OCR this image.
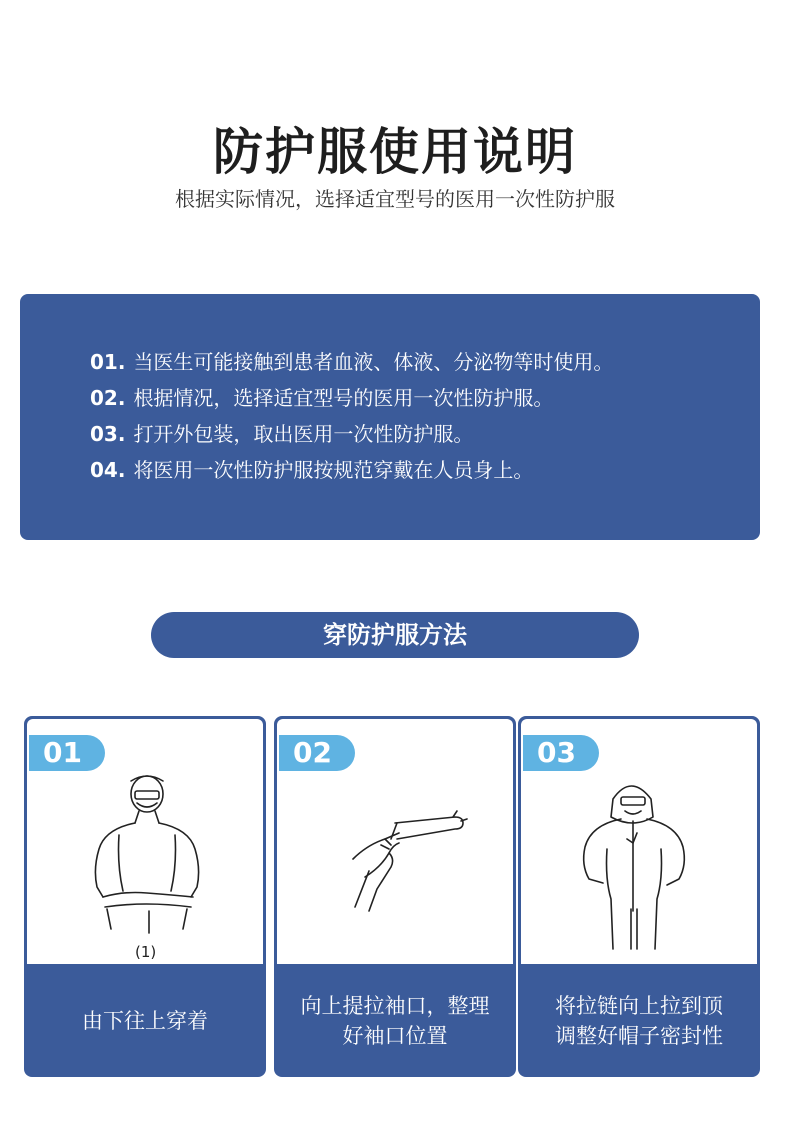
防护服使用说明
根据实际情况，选择适宜型号的医用一次性防护服
01. 当医生可能接触到患者血液、体液、分泌物等时使用。
02. 根据情况，选择适宜型号的医用一次性防护服。
03. 打开外包装，取出医用一次性防护服。
04. 将医用一次性防护服按规范穿戴在人员身上。
穿防护服方法
01
(1)
由下往上穿着
02
向上提拉袖口，整理
好袖口位置
03
将拉链向上拉到顶
调整好帽子密封性
